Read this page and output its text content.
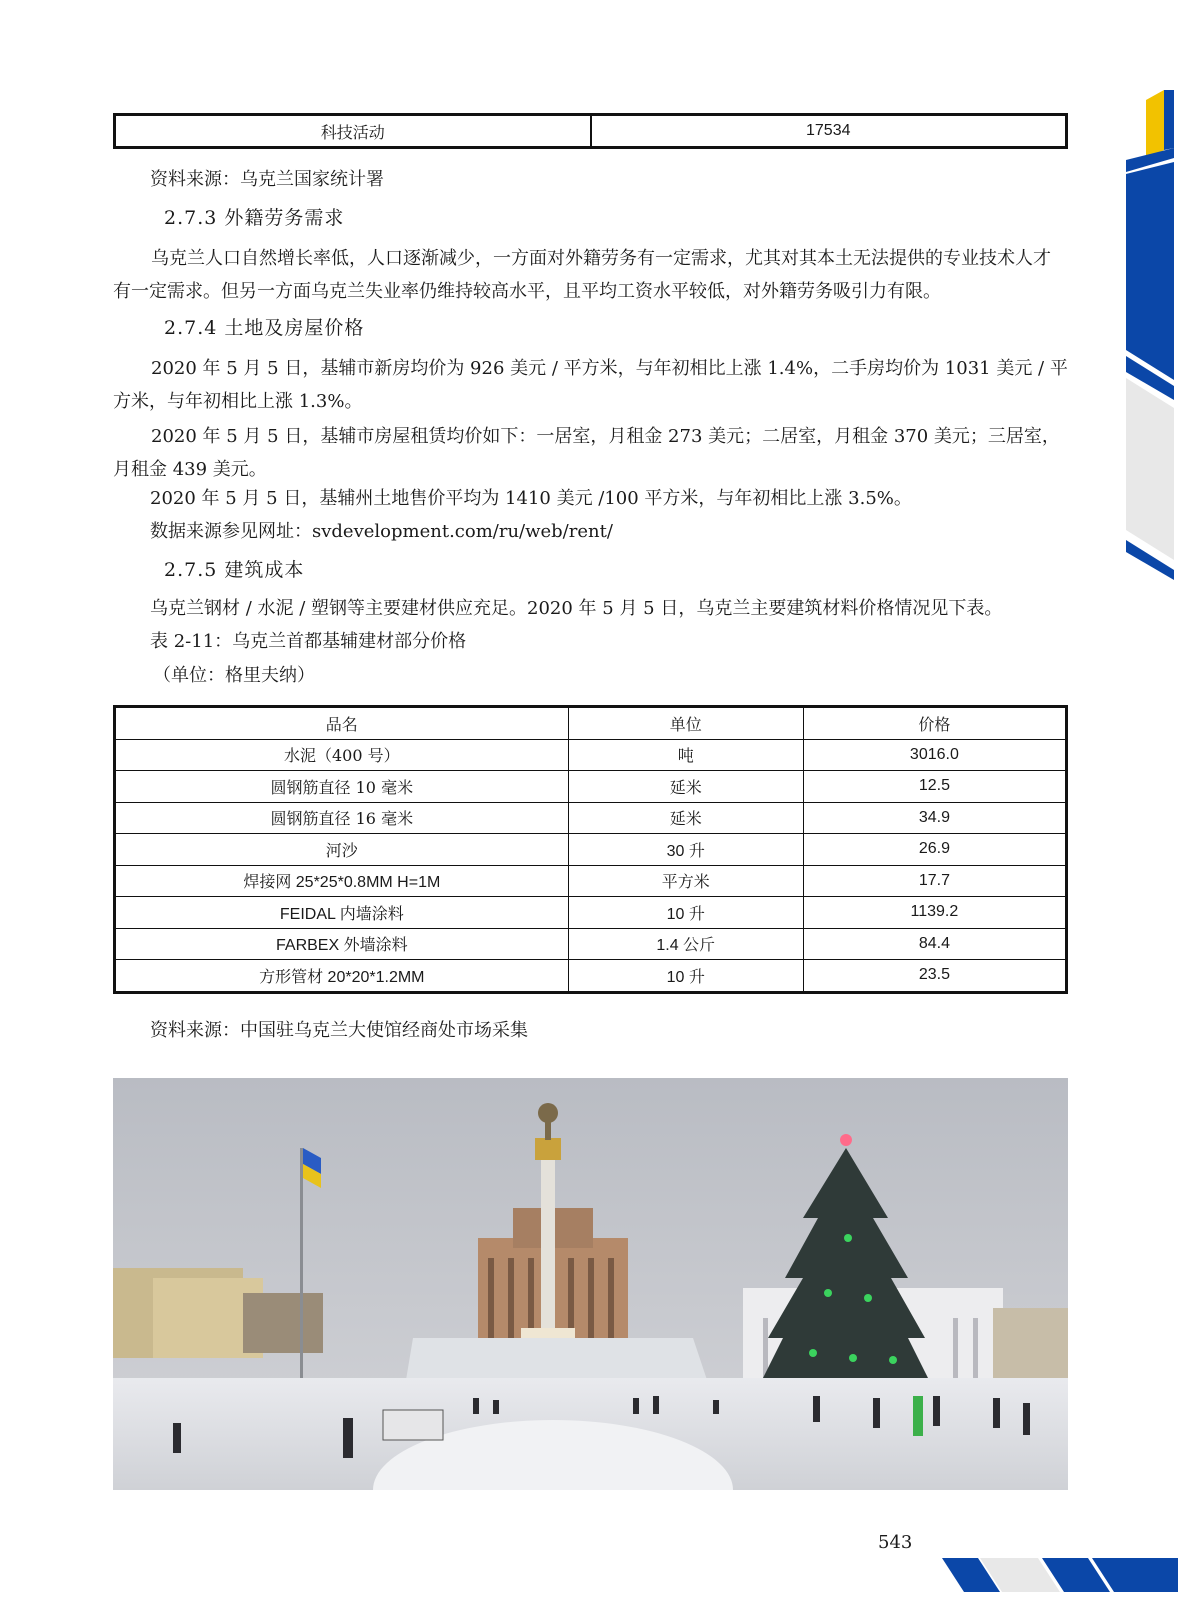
科技活动	17534
资料来源：乌克兰国家统计署
2.7.3 外籍劳务需求
乌克兰人口自然增长率低，人口逐渐减少，一方面对外籍劳务有一定需求，尤其对其本土无法提供的专业技术人才有一定需求。但另一方面乌克兰失业率仍维持较高水平，且平均工资水平较低，对外籍劳务吸引力有限。
2.7.4 土地及房屋价格
2020 年 5 月 5 日，基辅市新房均价为 926 美元 / 平方米，与年初相比上涨 1.4%，二手房均价为 1031 美元 / 平方米，与年初相比上涨 1.3%。
2020 年 5 月 5 日，基辅市房屋租赁均价如下：一居室，月租金 273 美元；二居室，月租金 370 美元；三居室，月租金 439 美元。
2020 年 5 月 5 日，基辅州土地售价平均为 1410 美元 /100 平方米，与年初相比上涨 3.5%。
数据来源参见网址：svdevelopment.com/ru/web/rent/
2.7.5 建筑成本
乌克兰钢材 / 水泥 / 塑钢等主要建材供应充足。2020 年 5 月 5 日，乌克兰主要建筑材料价格情况见下表。
表 2-11：乌克兰首都基辅建材部分价格
（单位：格里夫纳）
品名	单位	价格
水泥（400 号）	吨	3016.0
圆钢筋直径 10 毫米	延米	12.5
圆钢筋直径 16 毫米	延米	34.9
河沙	30 升	26.9
焊接网 25*25*0.8MM H=1M	平方米	17.7
FEIDAL 内墙涂料	10 升	1139.2
FARBEX 外墙涂料	1.4 公斤	84.4
方形管材 20*20*1.2MM	10 升	23.5
资料来源：中国驻乌克兰大使馆经商处市场采集
543
